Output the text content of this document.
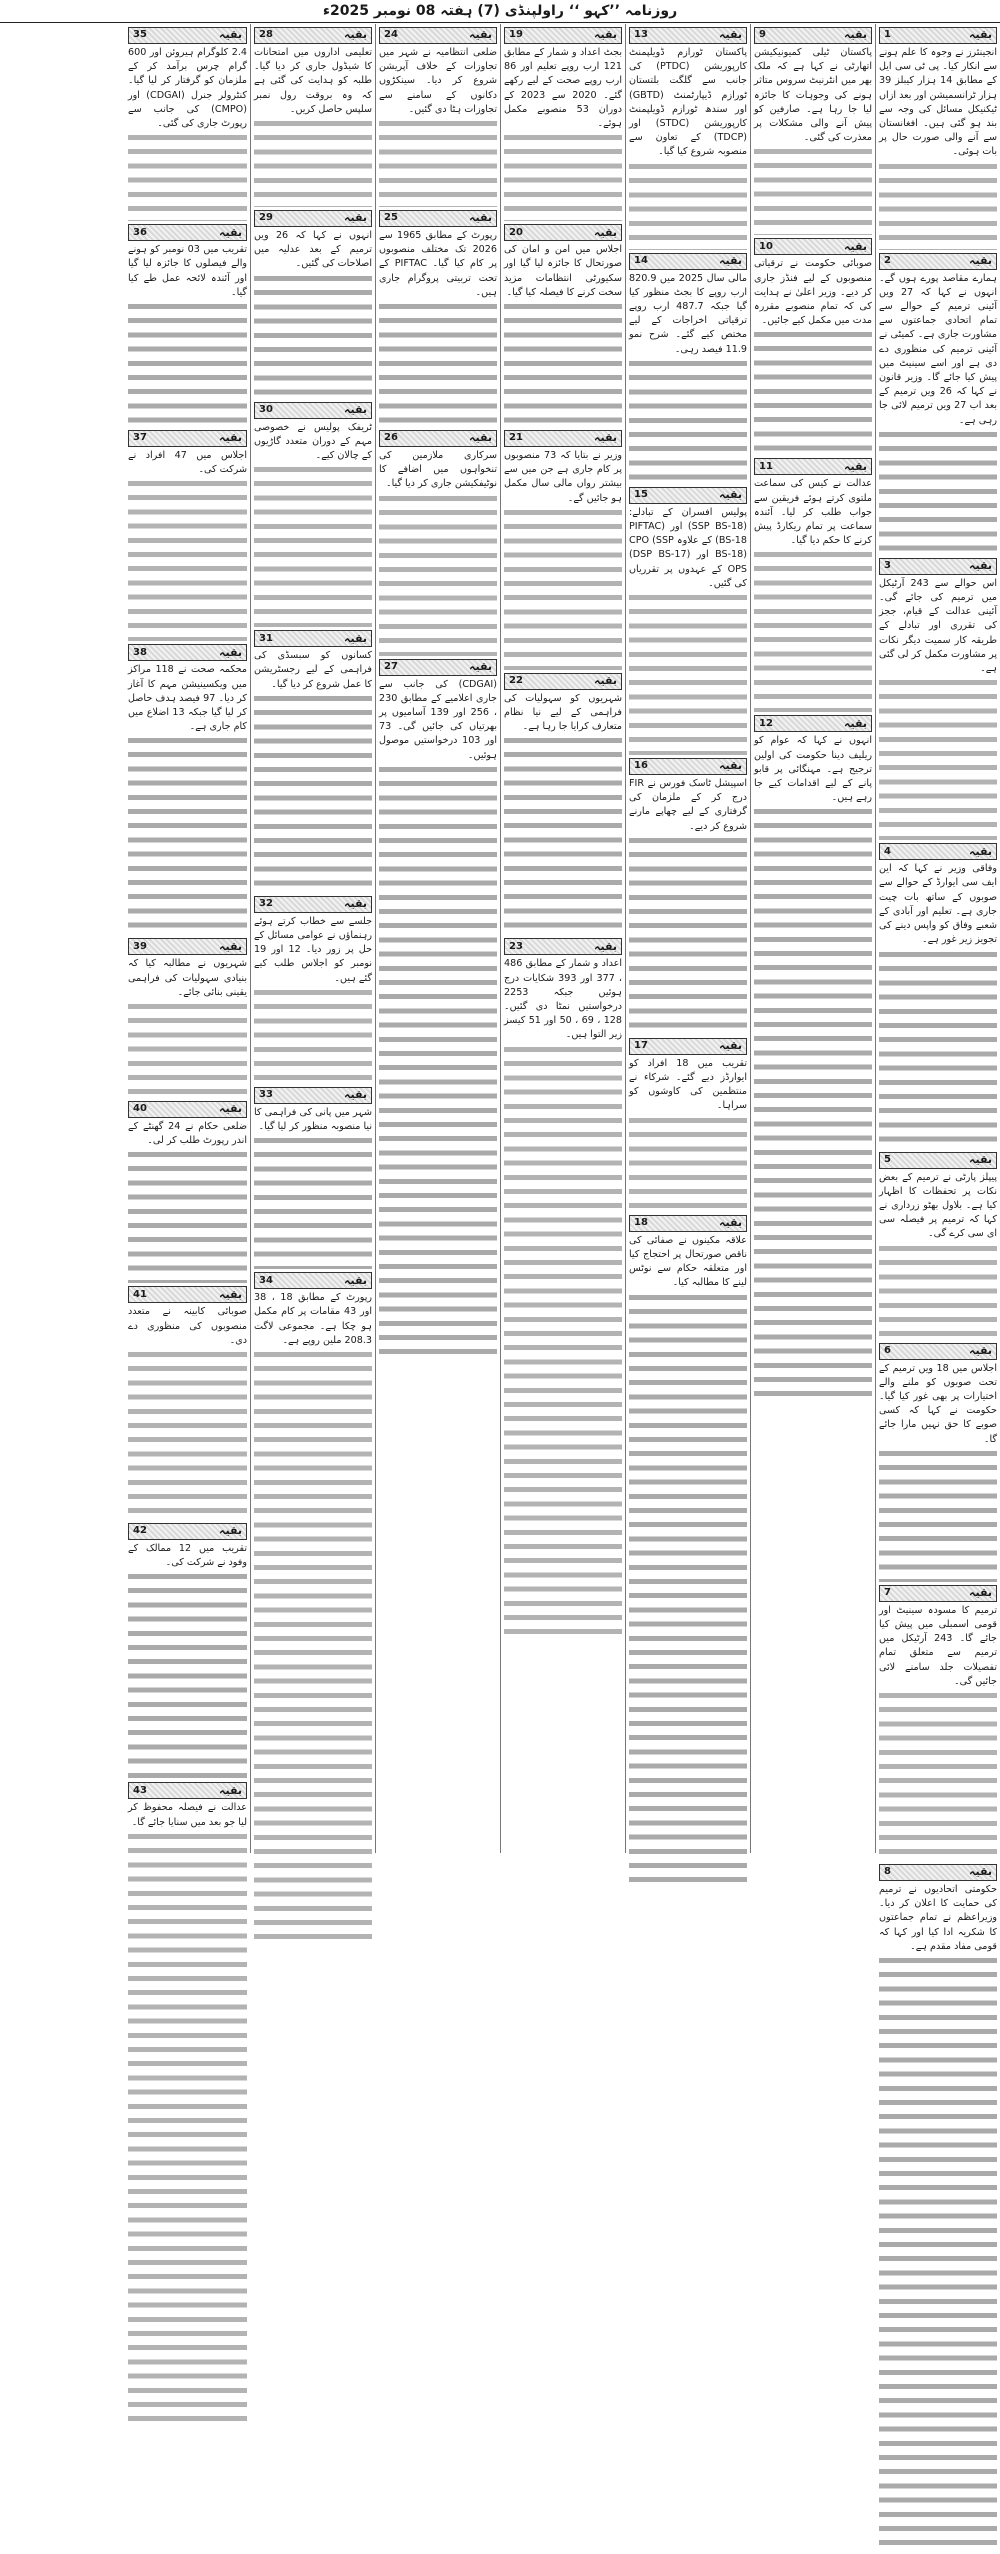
روزنامہ ’’کہو ‘‘ راولپنڈی (7) ہفتہ 08 نومبر 2025ء
بقیہ
1

انجینئرز نے وجوہ کا علم ہونے سے انکار کیا۔ پی ٹی سی ایل کے مطابق 14 ہزار کیبلز 39 ہزار ٹرانسمیشن اور بعد ازاں ٹیکنیکل مسائل کی وجہ سے بند ہو گئی ہیں۔ افغانستان سے آنے والی صورت حال پر بات ہوئی۔

بقیہ
2

ہمارے مقاصد پورے ہوں گے۔ انہوں نے کہا کہ 27 ویں آئینی ترمیم کے حوالے سے تمام اتحادی جماعتوں سے مشاورت جاری ہے۔ کمیٹی نے آئینی ترمیم کی منظوری دے دی ہے اور اسے سینیٹ میں پیش کیا جائے گا۔ وزیر قانون نے کہا کہ 26 ویں ترمیم کے بعد اب 27 ویں ترمیم لائی جا رہی ہے۔

بقیہ
3

اس حوالے سے 243 آرٹیکل میں ترمیم کی جائے گی۔ آئینی عدالت کے قیام، ججز کی تقرری اور تبادلے کے طریقہ کار سمیت دیگر نکات پر مشاورت مکمل کر لی گئی ہے۔

بقیہ
4

وفاقی وزیر نے کہا کہ این ایف سی ایوارڈ کے حوالے سے صوبوں کے ساتھ بات چیت جاری ہے۔ تعلیم اور آبادی کے شعبے وفاق کو واپس دینے کی تجویز زیر غور ہے۔

بقیہ
5

پیپلز پارٹی نے ترمیم کے بعض نکات پر تحفظات کا اظہار کیا ہے۔ بلاول بھٹو زرداری نے کہا کہ ترمیم پر فیصلہ سی ای سی کرے گی۔

بقیہ
6

اجلاس میں 18 ویں ترمیم کے تحت صوبوں کو ملنے والے اختیارات پر بھی غور کیا گیا۔ حکومت نے کہا کہ کسی صوبے کا حق نہیں مارا جائے گا۔

بقیہ
7

ترمیم کا مسودہ سینیٹ اور قومی اسمبلی میں پیش کیا جائے گا۔ 243 آرٹیکل میں ترمیم سے متعلق تمام تفصیلات جلد سامنے لائی جائیں گی۔

بقیہ
8

حکومتی اتحادیوں نے ترمیم کی حمایت کا اعلان کر دیا۔ وزیراعظم نے تمام جماعتوں کا شکریہ ادا کیا اور کہا کہ قومی مفاد مقدم ہے۔

بقیہ
9

پاکستان ٹیلی کمیونیکیشن اتھارٹی نے کہا ہے کہ ملک بھر میں انٹرنیٹ سروس متاثر ہونے کی وجوہات کا جائزہ لیا جا رہا ہے۔ صارفین کو پیش آنے والی مشکلات پر معذرت کی گئی۔

بقیہ
10

صوبائی حکومت نے ترقیاتی منصوبوں کے لیے فنڈز جاری کر دیے۔ وزیر اعلیٰ نے ہدایت کی کہ تمام منصوبے مقررہ مدت میں مکمل کیے جائیں۔

بقیہ
11

عدالت نے کیس کی سماعت ملتوی کرتے ہوئے فریقین سے جواب طلب کر لیا۔ آئندہ سماعت پر تمام ریکارڈ پیش کرنے کا حکم دیا گیا۔

بقیہ
12

انہوں نے کہا کہ عوام کو ریلیف دینا حکومت کی اولین ترجیح ہے۔ مہنگائی پر قابو پانے کے لیے اقدامات کیے جا رہے ہیں۔

بقیہ
13

پاکستان ٹورازم ڈویلپمنٹ کارپوریشن (PTDC) کی جانب سے گلگت بلتستان ٹورازم ڈیپارٹمنٹ (GBTD) اور سندھ ٹورازم ڈویلپمنٹ کارپوریشن (STDC) اور (TDCP) کے تعاون سے منصوبہ شروع کیا گیا۔

بقیہ
14

مالی سال 2025 میں 820.9 ارب روپے کا بجٹ منظور کیا گیا جبکہ 487.7 ارب روپے ترقیاتی اخراجات کے لیے مختص کیے گئے۔ شرح نمو 11.9 فیصد رہی۔

بقیہ
15

پولیس افسران کے تبادلے: (SSP BS-18) اور (PIFTAC BS-18) کے علاوہ CPO (SSP BS-18) اور (DSP BS-17) OPS کے عہدوں پر تقرریاں کی گئیں۔

بقیہ
16

اسپیشل ٹاسک فورس نے FIR درج کر کے ملزمان کی گرفتاری کے لیے چھاپے مارنے شروع کر دیے۔

بقیہ
17

تقریب میں 18 افراد کو ایوارڈز دیے گئے۔ شرکاء نے منتظمین کی کاوشوں کو سراہا۔

بقیہ
18

علاقہ مکینوں نے صفائی کی ناقص صورتحال پر احتجاج کیا اور متعلقہ حکام سے نوٹس لینے کا مطالبہ کیا۔

بقیہ
19

بجٹ اعداد و شمار کے مطابق 121 ارب روپے تعلیم اور 86 ارب روپے صحت کے لیے رکھے گئے۔ 2020 سے 2023 کے دوران 53 منصوبے مکمل ہوئے۔

بقیہ
20

اجلاس میں امن و امان کی صورتحال کا جائزہ لیا گیا اور سکیورٹی انتظامات مزید سخت کرنے کا فیصلہ کیا گیا۔

بقیہ
21

وزیر نے بتایا کہ 73 منصوبوں پر کام جاری ہے جن میں سے بیشتر رواں مالی سال مکمل ہو جائیں گے۔

بقیہ
22

شہریوں کو سہولیات کی فراہمی کے لیے نیا نظام متعارف کرایا جا رہا ہے۔

بقیہ
23

اعداد و شمار کے مطابق 486 ، 377 اور 393 شکایات درج ہوئیں جبکہ 2253 درخواستیں نمٹا دی گئیں۔ 128 ، 69 ، 50 اور 51 کیسز زیر التوا ہیں۔

بقیہ
24

ضلعی انتظامیہ نے شہر میں تجاوزات کے خلاف آپریشن شروع کر دیا۔ سینکڑوں دکانوں کے سامنے سے تجاوزات ہٹا دی گئیں۔

بقیہ
25

رپورٹ کے مطابق 1965 سے 2026 تک مختلف منصوبوں پر کام کیا گیا۔ PIFTAC کے تحت تربیتی پروگرام جاری ہیں۔

بقیہ
26

سرکاری ملازمین کی تنخواہوں میں اضافے کا نوٹیفکیشن جاری کر دیا گیا۔

بقیہ
27

(CDGAI) کی جانب سے جاری اعلامیے کے مطابق 230 ، 256 اور 139 آسامیوں پر بھرتیاں کی جائیں گی۔ 73 اور 103 درخواستیں موصول ہوئیں۔

بقیہ
28

تعلیمی اداروں میں امتحانات کا شیڈول جاری کر دیا گیا۔ طلبہ کو ہدایت کی گئی ہے کہ وہ بروقت رول نمبر سلپس حاصل کریں۔

بقیہ
29

انہوں نے کہا کہ 26 ویں ترمیم کے بعد عدلیہ میں اصلاحات کی گئیں۔

بقیہ
30

ٹریفک پولیس نے خصوصی مہم کے دوران متعدد گاڑیوں کے چالان کیے۔

بقیہ
31

کسانوں کو سبسڈی کی فراہمی کے لیے رجسٹریشن کا عمل شروع کر دیا گیا۔

بقیہ
32

جلسے سے خطاب کرتے ہوئے رہنماؤں نے عوامی مسائل کے حل پر زور دیا۔ 12 اور 19 نومبر کو اجلاس طلب کیے گئے ہیں۔

بقیہ
33

شہر میں پانی کی فراہمی کا نیا منصوبہ منظور کر لیا گیا۔

بقیہ
34

رپورٹ کے مطابق 18 ، 38 اور 43 مقامات پر کام مکمل ہو چکا ہے۔ مجموعی لاگت 208.3 ملین روپے ہے۔

بقیہ
35

2.4 کلوگرام ہیروئن اور 600 گرام چرس برآمد کر کے ملزمان کو گرفتار کر لیا گیا۔ کنٹرولر جنرل (CDGAI) اور (CMPO) کی جانب سے رپورٹ جاری کی گئی۔

بقیہ
36

تقریب میں 03 نومبر کو ہونے والے فیصلوں کا جائزہ لیا گیا اور آئندہ لائحہ عمل طے کیا گیا۔

بقیہ
37

اجلاس میں 47 افراد نے شرکت کی۔

بقیہ
38

محکمہ صحت نے 118 مراکز میں ویکسینیشن مہم کا آغاز کر دیا۔ 97 فیصد ہدف حاصل کر لیا گیا جبکہ 13 اضلاع میں کام جاری ہے۔

بقیہ
39

شہریوں نے مطالبہ کیا کہ بنیادی سہولیات کی فراہمی یقینی بنائی جائے۔

بقیہ
40

ضلعی حکام نے 24 گھنٹے کے اندر رپورٹ طلب کر لی۔

بقیہ
41

صوبائی کابینہ نے متعدد منصوبوں کی منظوری دے دی۔

بقیہ
42

تقریب میں 12 ممالک کے وفود نے شرکت کی۔

بقیہ
43

عدالت نے فیصلہ محفوظ کر لیا جو بعد میں سنایا جائے گا۔
